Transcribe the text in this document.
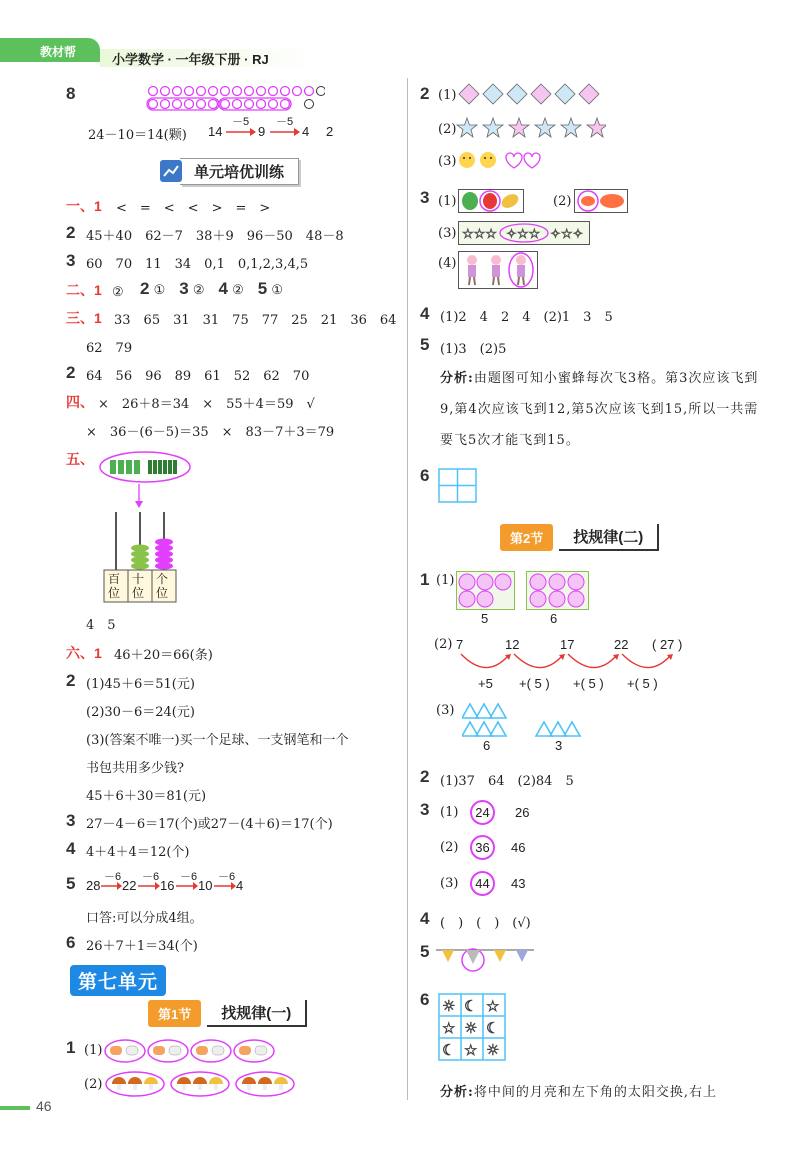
教材帮	小学数学 · 一年级下册 · RJ
8
24－10＝14(颗) 14
－5
9
－5
4 2
单元培优训练
一、1 <　=　<　<　>　=　>
2 45＋40　62－7　38＋9　96－50　48－8
3 60　70　11　34　0,1　0,1,2,3,4,5
二、1 ②　 2 ① 3 ② 4 ② 5 ①
三、1 33　65　31　31　75　77　25　21　36　64
62　79
2 64　56　96　89　61　52　62　70
四、 ×　26＋8＝34　×　55＋4＝59　√
×　36－(6－5)＝35　×　83－7＋3＝79
五、
百位
十位
个位
4　5
六、1 46＋20＝66(条)
2 (1)45＋6＝51(元)
(2)30－6＝24(元)
(3)(答案不唯一)买一个足球、一支钢笔和一个
书包共用多少钱?
45＋6＋30＝81(元)
3 27－4－6＝17(个)或27－(4＋6)＝17(个)
4 4＋4＋4＝12(个)
5 28 22 16 10 4
－6 －6 －6 －6
口答:可以分成4组。
6 26＋7＋1＝34(个)
第七单元
第1节	找规律(一)
1 (1)
(2)
2 (1)
(2)
(3)
3 (1)	(2)
(3) ☆☆☆ ✧☆☆ ✧☆✧
(4)
4 (1)2　4　2　4　(2)1　3　5
5 (1)3　(2)5
分析:由题图可知小蜜蜂每次飞3格。第3次应该飞到9,第4次应该飞到12,第5次应该飞到15,所以一共需要飞5次才能飞到15。
6
第2节	找规律(二)
1 (1)
5	6
(2) 7	12	17	22 ( 27 )
+5 +( 5 ) +( 5 ) +( 5 )
(3)
6	3
2 (1)37　64　(2)84　5
3 (1)	24	26
(2)	36	46
(3)	44	43
4 (　)　(　)　(√)
5
6 ☼ ☾ ☆
☆ ☼ ☾
☾ ☆ ☼
分析:将中间的月亮和左下角的太阳交换,右上
46
